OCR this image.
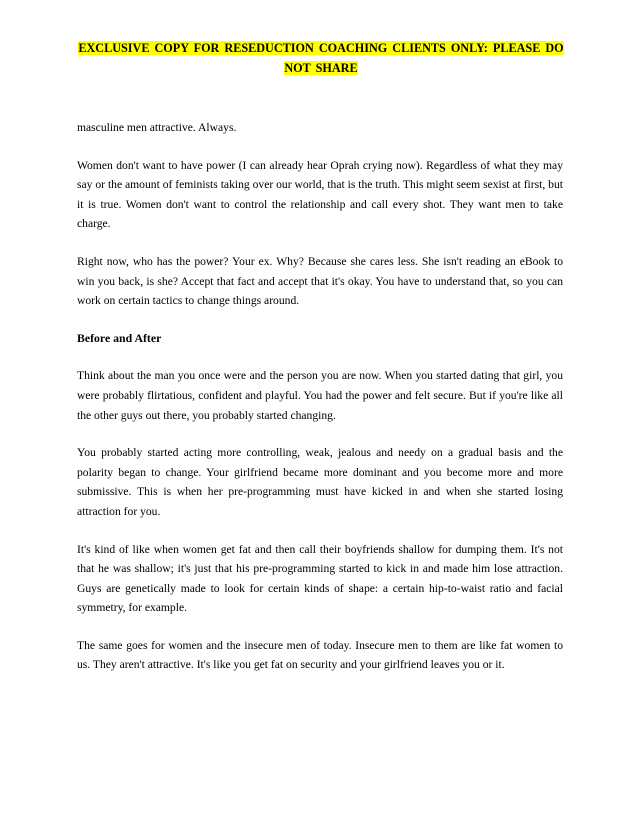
EXCLUSIVE COPY FOR RESEDUCTION COACHING CLIENTS ONLY: PLEASE DO
NOT SHARE

masculine men attractive. Always.

Women don't want to have power (I can already hear Oprah crying now). Regardless of what they may say or the amount of feminists taking over our world, that is the truth. This might seem sexist at first, but it is true. Women don't want to control the relationship and call every shot. They want men to take charge.

Right now, who has the power? Your ex. Why? Because she cares less. She isn't reading an eBook to win you back, is she? Accept that fact and accept that it's okay. You have to understand that, so you can work on certain tactics to change things around.

Before and After

Think about the man you once were and the person you are now. When you started dating that girl, you were probably flirtatious, confident and playful. You had the power and felt secure. But if you're like all the other guys out there, you probably started changing.

You probably started acting more controlling, weak, jealous and needy on a gradual basis and the polarity began to change. Your girlfriend became more dominant and you become more and more submissive. This is when her pre-programming must have kicked in and when she started losing attraction for you.

It's kind of like when women get fat and then call their boyfriends shallow for dumping them. It's not that he was shallow; it's just that his pre-programming started to kick in and made him lose attraction. Guys are genetically made to look for certain kinds of shape: a certain hip-to-waist ratio and facial symmetry, for example.

The same goes for women and the insecure men of today. Insecure men to them are like fat women to us. They aren't attractive. It's like you get fat on security and your girlfriend leaves you or it.
